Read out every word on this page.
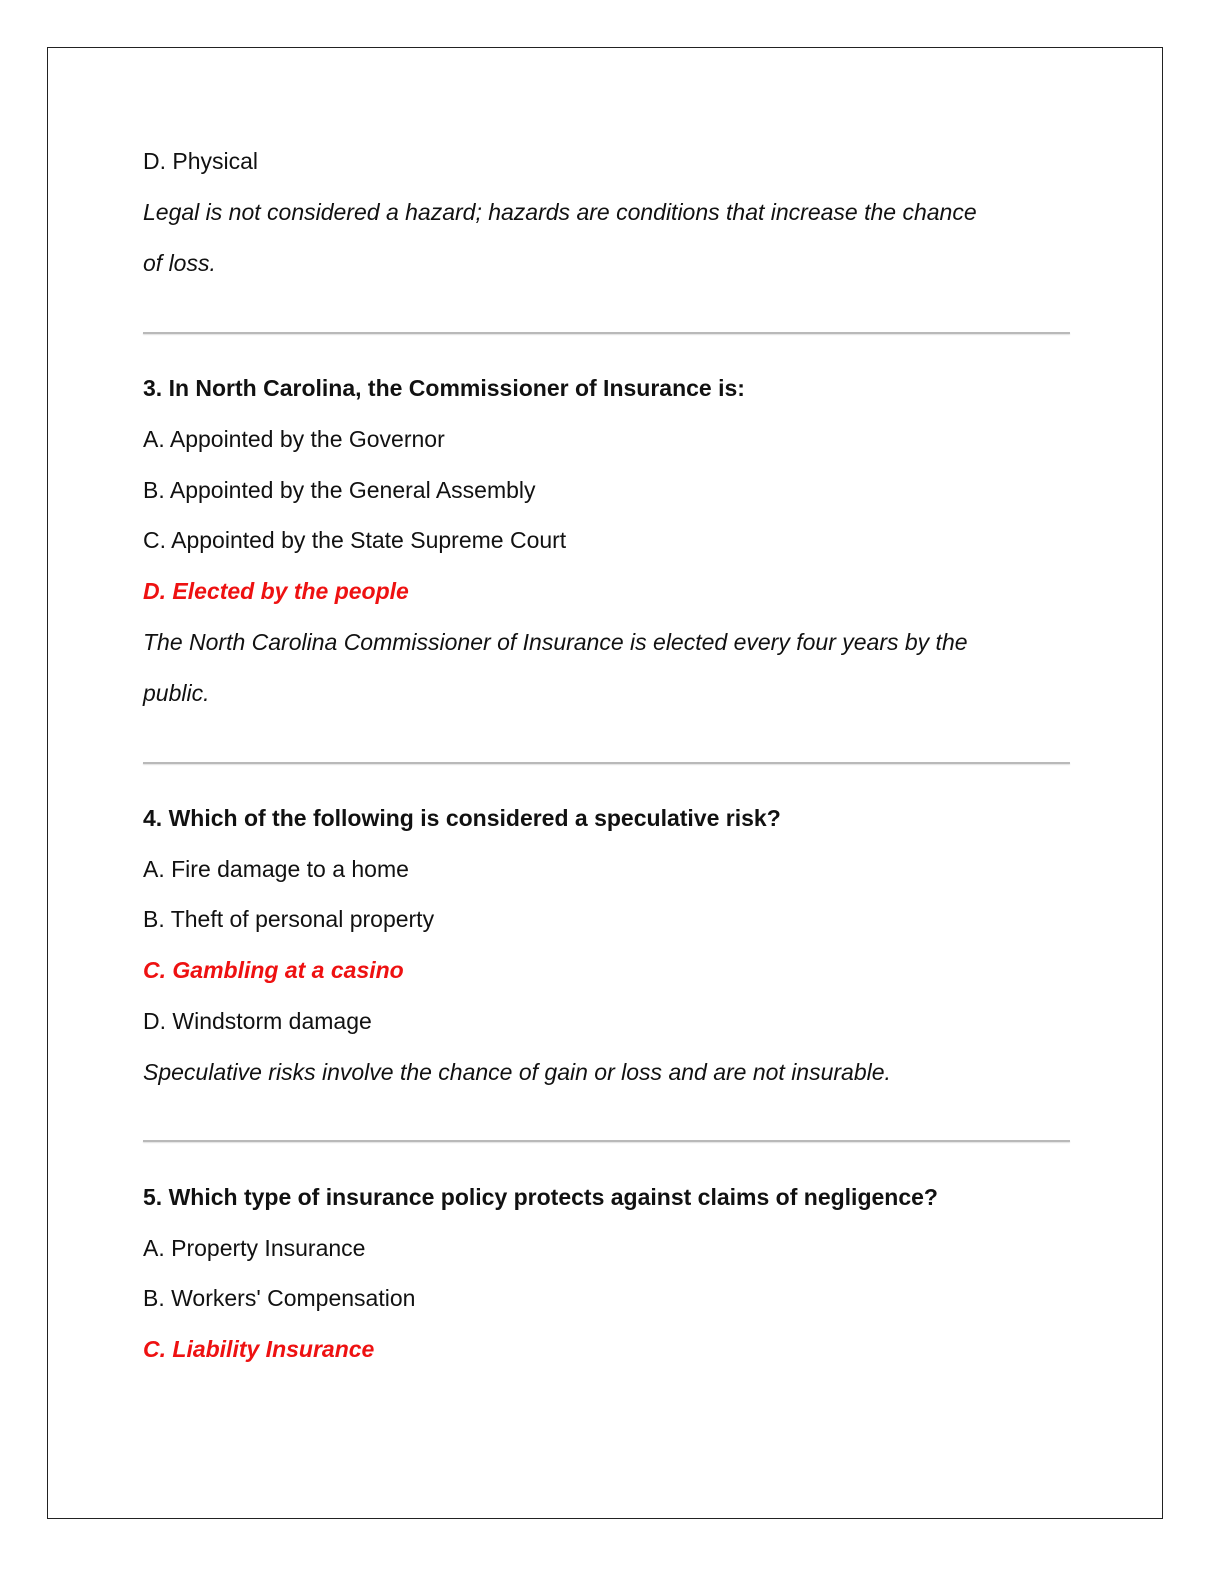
D. Physical
Legal is not considered a hazard; hazards are conditions that increase the chance
of loss.
3. In North Carolina, the Commissioner of Insurance is:
A. Appointed by the Governor
B. Appointed by the General Assembly
C. Appointed by the State Supreme Court
D. Elected by the people
The North Carolina Commissioner of Insurance is elected every four years by the
public.
4. Which of the following is considered a speculative risk?
A. Fire damage to a home
B. Theft of personal property
C. Gambling at a casino
D. Windstorm damage
Speculative risks involve the chance of gain or loss and are not insurable.
5. Which type of insurance policy protects against claims of negligence?
A. Property Insurance
B. Workers' Compensation
C. Liability Insurance
